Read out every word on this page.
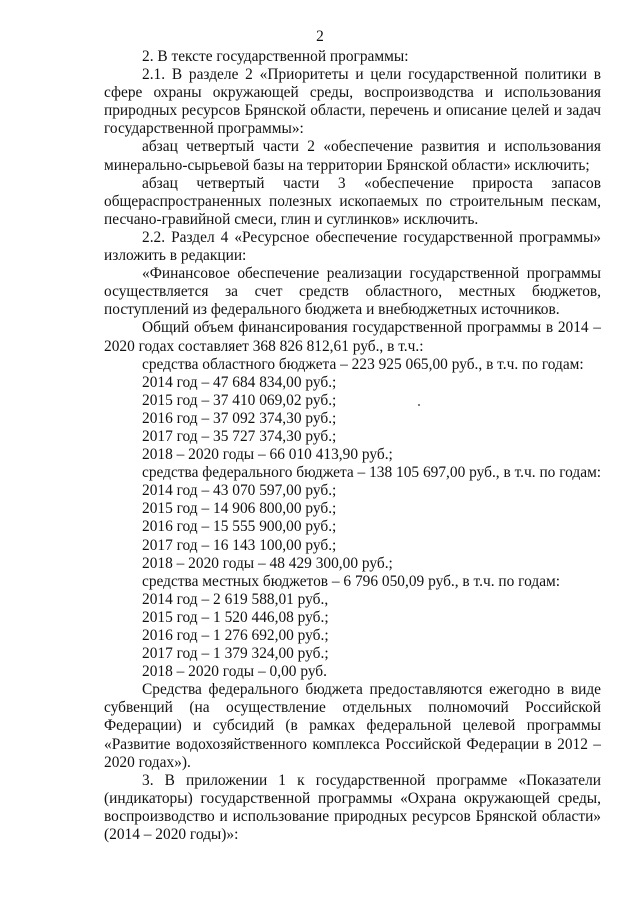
2

2. В тексте государственной программы:

2.1. В разделе 2 «Приоритеты и цели государственной политики в сфере охраны окружающей среды, воспроизводства и использования природных ресурсов Брянской области, перечень и описание целей и задач государственной программы»:

абзац четвертый части 2 «обеспечение развития и использования минерально-сырьевой базы на территории Брянской области» исключить;

абзац четвертый части 3 «обеспечение прироста запасов общераспространенных полезных ископаемых по строительным пескам, песчано-гравийной смеси, глин и суглинков» исключить.

2.2. Раздел 4 «Ресурсное обеспечение государственной программы» изложить в редакции:

«Финансовое обеспечение реализации государственной программы осуществляется за счет средств областного, местных бюджетов, поступлений из федерального бюджета и внебюджетных источников.

Общий объем финансирования государственной программы в 2014 – 2020 годах составляет 368 826 812,61 руб., в т.ч.:

средства областного бюджета – 223 925 065,00 руб., в т.ч. по годам:

2014 год – 47 684 834,00 руб.;

2015 год – 37 410 069,02 руб.;

2016 год – 37 092 374,30 руб.;

2017 год – 35 727 374,30 руб.;

2018 – 2020 годы – 66 010 413,90 руб.;

средства федерального бюджета – 138 105 697,00 руб., в т.ч. по годам:

2014 год – 43 070 597,00 руб.;

2015 год – 14 906 800,00 руб.;

2016 год – 15 555 900,00 руб.;

2017 год – 16 143 100,00 руб.;

2018 – 2020 годы – 48 429 300,00 руб.;

средства местных бюджетов – 6 796 050,09 руб., в т.ч. по годам:

2014 год – 2 619 588,01 руб.,

2015 год – 1 520 446,08 руб.;

2016 год – 1 276 692,00 руб.;

2017 год – 1 379 324,00 руб.;

2018 – 2020 годы – 0,00 руб.

Средства федерального бюджета предоставляются ежегодно в виде субвенций (на осуществление отдельных полномочий Российской Федерации) и субсидий (в рамках федеральной целевой программы «Развитие водохозяйственного комплекса Российской Федерации в 2012 – 2020 годах»).

3. В приложении 1 к государственной программе «Показатели (индикаторы) государственной программы «Охрана окружающей среды, воспроизводство и использование природных ресурсов Брянской области» (2014 – 2020 годы)»:
